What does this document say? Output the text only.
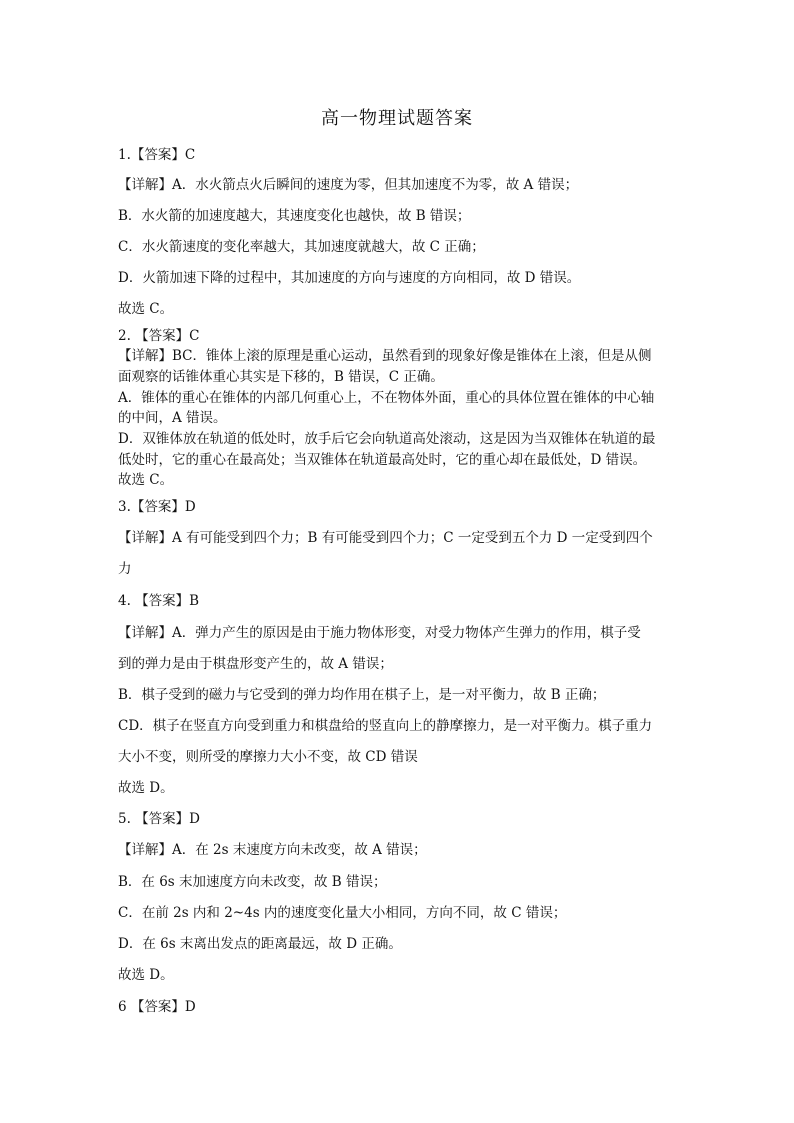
高一物理试题答案
1.【答案】C
【详解】A．水火箭点火后瞬间的速度为零，但其加速度不为零，故 A 错误；
B．水火箭的加速度越大，其速度变化也越快，故 B 错误；
C．水火箭速度的变化率越大，其加速度就越大，故 C 正确；
D．火箭加速下降的过程中，其加速度的方向与速度的方向相同，故 D 错误。
故选 C。
2. 【答案】C
【详解】BC．锥体上滚的原理是重心运动，虽然看到的现象好像是锥体在上滚，但是从侧
面观察的话锥体重心其实是下移的，B 错误，C 正确。
A．锥体的重心在锥体的内部几何重心上，不在物体外面，重心的具体位置在锥体的中心轴
的中间，A 错误。
D．双锥体放在轨道的低处时，放手后它会向轨道高处滚动，这是因为当双锥体在轨道的最
低处时，它的重心在最高处；当双锥体在轨道最高处时，它的重心却在最低处，D 错误。
故选 C。
3.【答案】D
【详解】A 有可能受到四个力；B 有可能受到四个力；C 一定受到五个力 D 一定受到四个
力
4. 【答案】B
【详解】A．弹力产生的原因是由于施力物体形变，对受力物体产生弹力的作用，棋子受
到的弹力是由于棋盘形变产生的，故 A 错误；
B．棋子受到的磁力与它受到的弹力均作用在棋子上，是一对平衡力，故 B 正确；
CD．棋子在竖直方向受到重力和棋盘给的竖直向上的静摩擦力，是一对平衡力。棋子重力
大小不变，则所受的摩擦力大小不变，故 CD 错误
故选 D。
5. 【答案】D
【详解】A．在 2s 末速度方向未改变，故 A 错误；
B．在 6s 末加速度方向未改变，故 B 错误；
C．在前 2s 内和 2~4s 内的速度变化量大小相同，方向不同，故 C 错误；
D．在 6s 末离出发点的距离最远，故 D 正确。
故选 D。
6 【答案】D
